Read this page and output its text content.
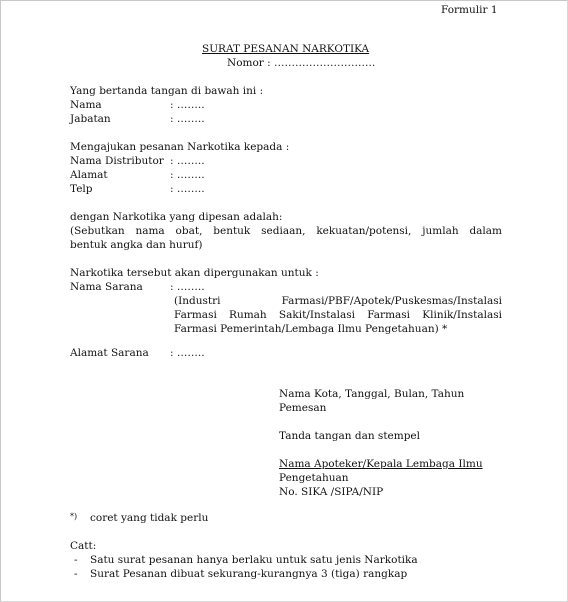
Formulir 1
SURAT PESANAN NARKOTIKA
Nomor : ………………………..
Yang bertanda tangan di bawah ini :
Nama	: ……..
Jabatan	: ……..
Mengajukan pesanan Narkotika kepada :
Nama Distributor : ……..
Alamat	: ……..
Telp	: ……..
dengan Narkotika yang dipesan adalah:
(Sebutkan nama obat, bentuk sediaan, kekuatan/potensi, jumlah dalam
bentuk angka dan huruf)
Narkotika tersebut akan dipergunakan untuk :
Nama Sarana	: ……..
(Industri Farmasi/PBF/Apotek/Puskesmas/Instalasi
Farmasi Rumah Sakit/Instalasi Farmasi Klinik/Instalasi
Farmasi Pemerintah/Lembaga Ilmu Pengetahuan) *
Alamat Sarana : ……..
Nama Kota, Tanggal, Bulan, Tahun
Pemesan
Tanda tangan dan stempel
Nama Apoteker/Kepala Lembaga Ilmu
Pengetahuan
No. SIKA /SIPA/NIP
*) coret yang tidak perlu
Catt:
- Satu surat pesanan hanya berlaku untuk satu jenis Narkotika
- Surat Pesanan dibuat sekurang-kurangnya 3 (tiga) rangkap
